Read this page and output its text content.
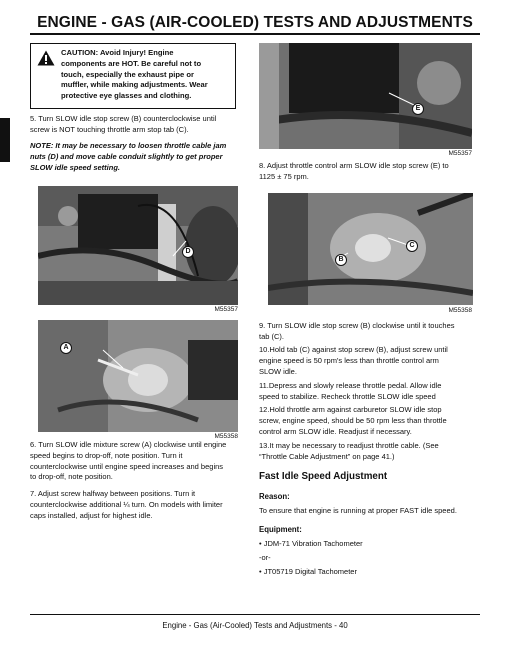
ENGINE - GAS (AIR-COOLED) TESTS AND ADJUSTMENTS
CAUTION: Avoid Injury! Engine
components are HOT. Be careful not to
touch, especially the exhaust pipe or
muffler, while making adjustments. Wear
protective eye glasses and clothing.
5. Turn SLOW idle stop screw (B) counterclockwise until
screw is NOT touching throttle arm stop tab (C).
NOTE: It may be necessary to loosen throttle cable jam
nuts (D) and move cable conduit slightly to get proper
SLOW idle speed setting.
D
M55357
A
M55358
6. Turn SLOW idle mixture screw (A) clockwise until engine
speed begins to drop-off, note position. Turn it
counterclockwise until engine speed increases and begins
to drop-off, note position.
7. Adjust screw halfway between positions. Turn it
counterclockwise additional ¼ turn. On models with limiter
caps installed, adjust for highest idle.
E
M55357
8. Adjust throttle control arm SLOW idle stop screw (E) to
1125 ± 75 rpm.
C
B
M55358
9. Turn SLOW idle stop screw (B) clockwise until it touches
tab (C).
10.Hold tab (C) against stop screw (B), adjust screw until
engine speed is 50 rpm's less than throttle control arm
SLOW idle.
11.Depress and slowly release throttle pedal. Allow idle
speed to stabilize. Recheck throttle SLOW idle speed
12.Hold throttle arm against carburetor SLOW idle stop
screw, engine speed, should be 50 rpm less than throttle
control arm SLOW idle. Readjust if necessary.
13.It may be necessary to readjust throttle cable. (See
“Throttle Cable Adjustment” on page 41.)
Fast Idle Speed Adjustment
Reason:
To ensure that engine is running at proper FAST idle speed.
Equipment:
• JDM-71 Vibration Tachometer
-or-
• JT05719 Digital Tachometer
Engine - Gas (Air-Cooled) Tests and Adjustments - 40
